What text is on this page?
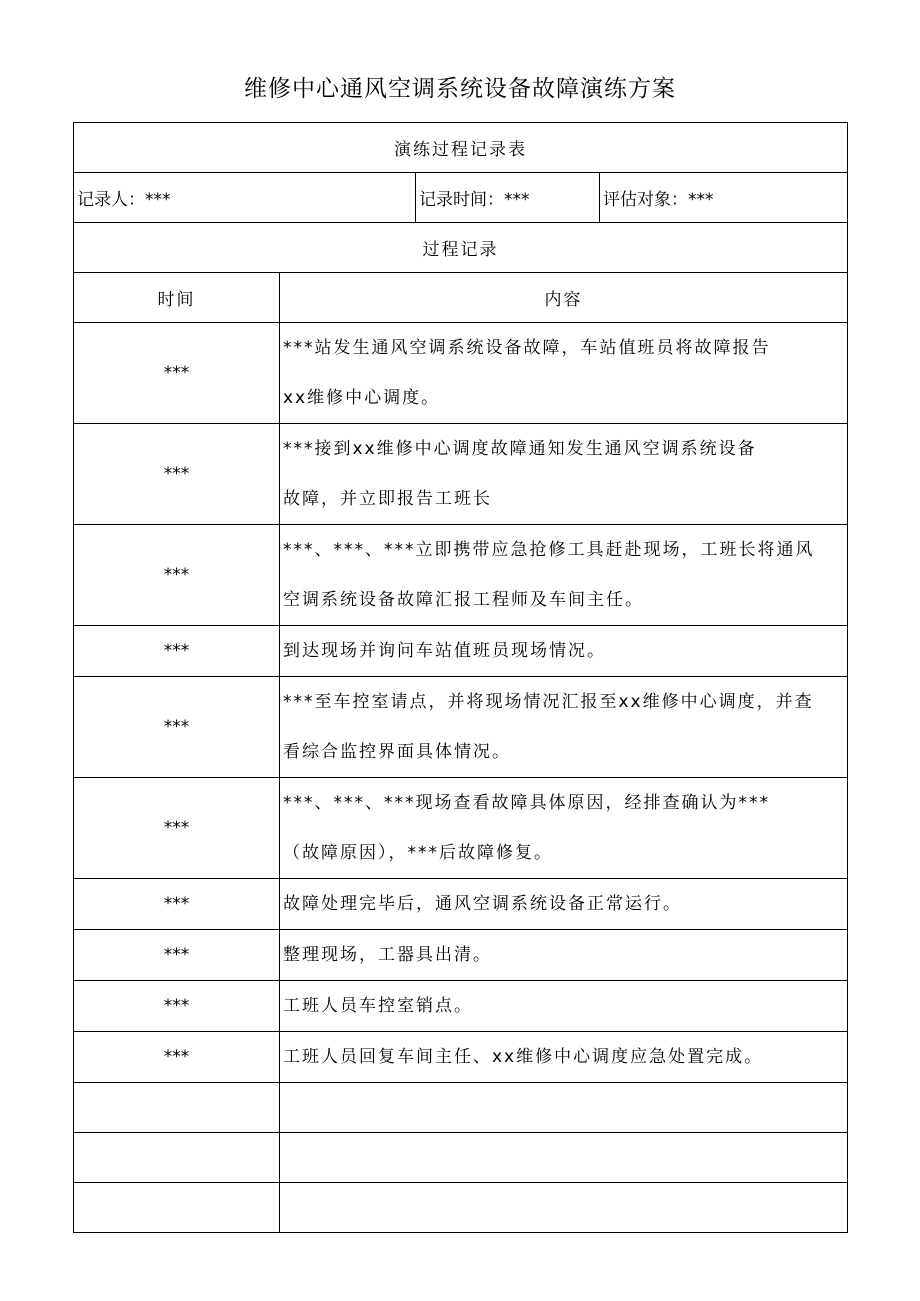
维修中心通风空调系统设备故障演练方案
演练过程记录表			
记录人：***		记录时间：***	评估对象：***
过程记录			
时间	内容		
***	***站发生通风空调系统设备故障，车站值班员将故障报告
xx维修中心调度。		

***	***接到xx维修中心调度故障通知发生通风空调系统设备
故障，并立即报告工班长		

***	***、***、***立即携带应急抢修工具赶赴现场，工班长将通风
空调系统设备故障汇报工程师及车间主任。		

***	到达现场并询问车站值班员现场情况。		

***	***至车控室请点，并将现场情况汇报至xx维修中心调度，并查
看综合监控界面具体情况。		

***	***、***、***现场查看故障具体原因，经排查确认为***
（故障原因），***后故障修复。		

***	故障处理完毕后，通风空调系统设备正常运行。		

***	整理现场，工器具出清。		

***	工班人员车控室销点。		

***	工班人员回复车间主任、xx维修中心调度应急处置完成。		
